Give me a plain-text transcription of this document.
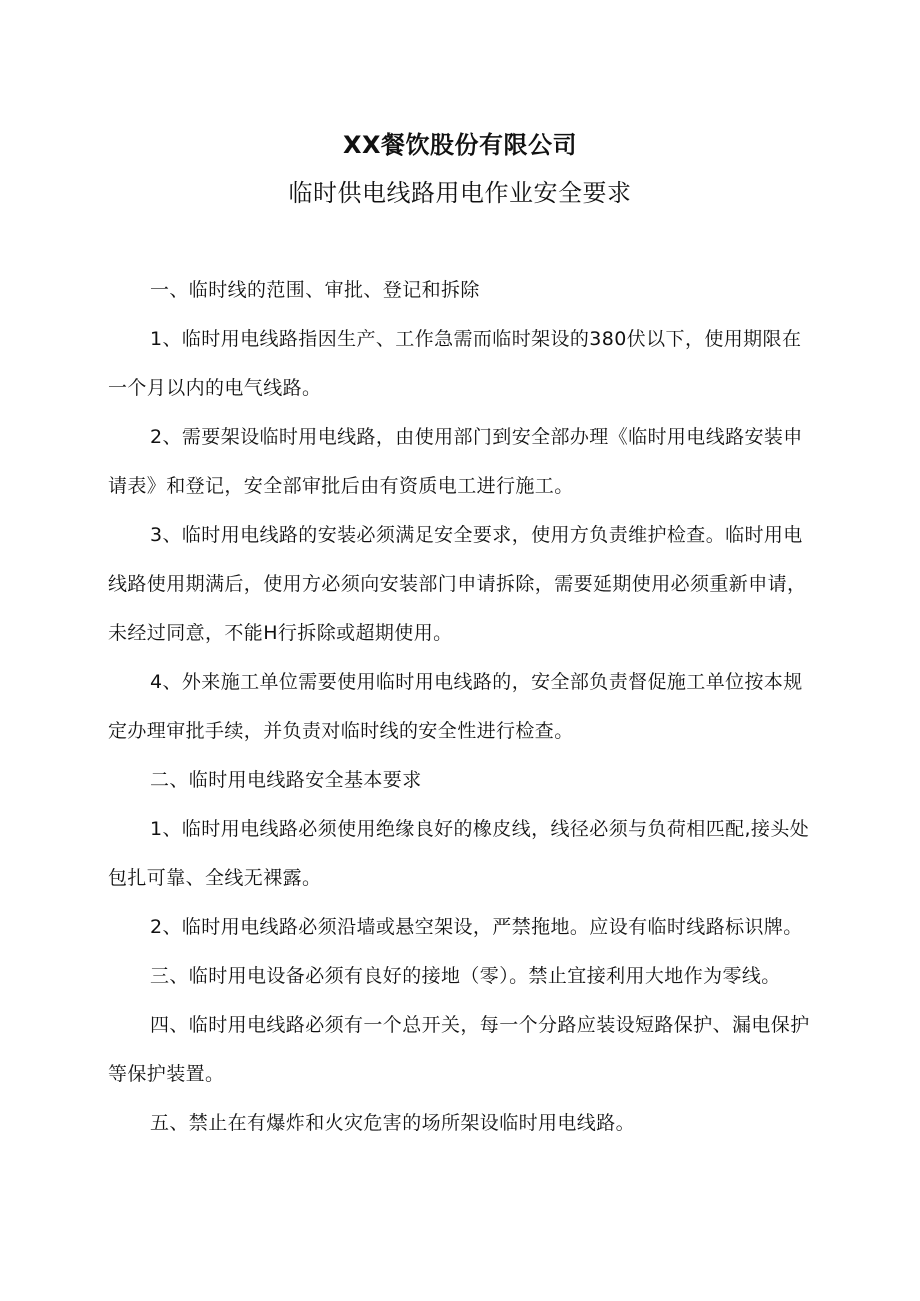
XX餐饮股份有限公司
临时供电线路用电作业安全要求

一、临时线的范围、审批、登记和拆除

1、临时用电线路指因生产、工作急需而临时架设的380伏以下，使用期限在一个月以内的电气线路。

2、需要架设临时用电线路，由使用部门到安全部办理《临时用电线路安装申请表》和登记，安全部审批后由有资质电工进行施工。

3、临时用电线路的安装必须满足安全要求，使用方负责维护检查。临时用电线路使用期满后，使用方必须向安装部门申请拆除，需要延期使用必须重新申请，未经过同意，不能H行拆除或超期使用。

4、外来施工单位需要使用临时用电线路的，安全部负责督促施工单位按本规定办理审批手续，并负责对临时线的安全性进行检查。

二、临时用电线路安全基本要求

1、临时用电线路必须使用绝缘良好的橡皮线，线径必须与负荷相匹配,接头处包扎可靠、全线无裸露。

2、临时用电线路必须沿墙或悬空架设，严禁拖地。应设有临时线路标识牌。

三、临时用电设备必须有良好的接地（零）。禁止宜接利用大地作为零线。

四、临时用电线路必须有一个总开关，每一个分路应装设短路保护、漏电保护等保护装置。

五、禁止在有爆炸和火灾危害的场所架设临时用电线路。
